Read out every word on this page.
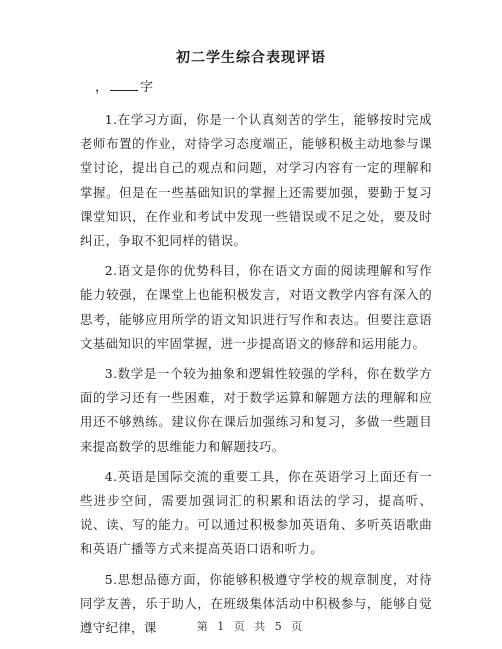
初二学生综合表现评语
， 字

1.在学习方面，你是一个认真刻苦的学生，能够按时完成老师布置的作业，对待学习态度端正，能够积极主动地参与课堂讨论，提出自己的观点和问题，对学习内容有一定的理解和掌握。但是在一些基础知识的掌握上还需要加强，要勤于复习课堂知识，在作业和考试中发现一些错误或不足之处，要及时纠正，争取不犯同样的错误。

2.语文是你的优势科目，你在语文方面的阅读理解和写作能力较强，在课堂上也能积极发言，对语文教学内容有深入的思考，能够应用所学的语文知识进行写作和表达。但要注意语文基础知识的牢固掌握，进一步提高语文的修辞和运用能力。

3.数学是一个较为抽象和逻辑性较强的学科，你在数学方面的学习还有一些困难，对于数学运算和解题方法的理解和应用还不够熟练。建议你在课后加强练习和复习，多做一些题目来提高数学的思维能力和解题技巧。

4.英语是国际交流的重要工具，你在英语学习上面还有一些进步空间，需要加强词汇的积累和语法的学习，提高听、说、读、写的能力。可以通过积极参加英语角、多听英语歌曲和英语广播等方式来提高英语口语和听力。

5.思想品德方面，你能够积极遵守学校的规章制度，对待同学友善，乐于助人，在班级集体活动中积极参与，能够自觉遵守纪律，课	第 1 页 共 5 页
